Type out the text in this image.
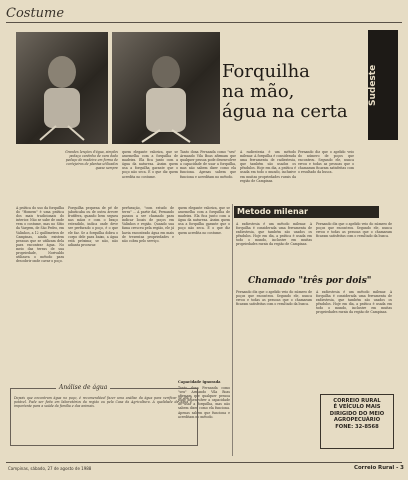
Costume
Sudeste
Forquilha
na mão,
água na certa
Grandes lenções d'água, simples pedaço cantinho de vara dado pedaço de madeira em forma de cortejeiros de plantas utilizados quase sempre
quem elegante valoriza, que se assemelha com a forquilha de madeira. Ela fica junto com a água da natureza. Assim quem usa a forquilha garante que o poço não seca. É o que diz quem acredita no costume.
Tanto dona Fernanda como "seu" Armando Vila Boas afirmam que qualquer pessoa pode desenvolver a capacidade de usar a forquilha, mas não sabem dizer como ela funciona. Apenas sabem que funciona e acreditam no método.
A radiestesia é um método milenar. A forquilha é considerada uma ferramenta de radiestesia, que também são usados os pêndulos. Hoje em dia, a prática é usada em todo o mundo, inclusive em muitas propriedades rurais da região de Campinas.
Fernando diz que o apelido veio do número de poços que encontrou. Segundo ele, nunca errou e todas as pessoas que o chamaram ficaram satisfeitas com o resultado da busca.
A prática do uso da forquilha do "Homem" é uma prática dos mais tradicionais do interior. Não se sabe de onde vem o costume, mas no Sítio da Vargem, de São Pedro, em Valinhos, a 12 quilômetros de Campinas, ainda existem pessoas que se utilizam dela para encontrar água. No meio das terras de sua propriedade, Norivaldo utilizava o método para descobrir onde cavar o poço.
Forquilha pequena de pé de jabuticaba ou de outra árvore frutífera, quando bem segura nas mãos e com o braço estendido, indica onde deve ser perfurado o poço, é o que ele faz. Se a forquilha dobra o corpo dele para baixo, a água está próxima; se não, não adianta procurar.
perfuração, "com estudo de terra" ... A partir daí, Fernando passou a ser chamado para indicar locais de poços em Valinhos e região. Quando sua fama cresceu pela região, ele já havia encontrado água em mais de trezentas propriedades e não cobra pelo serviço.
quem elegante valoriza, que se assemelha com a forquilha de madeira. Ela fica junto com a água da natureza. Assim quem usa a forquilha garante que o poço não seca. É o que diz quem acredita no costume.
Metodo milenar
A radiestesia é um método milenar. A forquilha é considerada uma ferramenta de radiestesia, que também são usados os pêndulos. Hoje em dia, a prática é usada em todo o mundo, inclusive em muitas propriedades rurais da região de Campinas.
Fernando diz que o apelido veio do número de poços que encontrou. Segundo ele, nunca errou e todas as pessoas que o chamaram ficaram satisfeitas com o resultado da busca.
Chamado "três por dois"
Fernando diz que o apelido veio do número de poços que encontrou. Segundo ele, nunca errou e todas as pessoas que o chamaram ficaram satisfeitas com o resultado da busca.
A radiestesia é um método milenar. A forquilha é considerada uma ferramenta de radiestesia, que também são usados os pêndulos. Hoje em dia, a prática é usada em todo o mundo, inclusive em muitas propriedades rurais da região de Campinas.
Capacidade ignorada
Tanto dona Fernanda como "seu" Armando Vila Boas afirmam que qualquer pessoa pode desenvolver a capacidade de usar a forquilha, mas não sabem dizer como ela funciona. Apenas sabem que funciona e acreditam no método.
Análise de água
Depois que encontram água no poço, é recomendável fazer uma análise da água para verificar se ela é potável. Pode ser feita em laboratórios da região ou pela Casa da Agricultura. A qualidade da água é importante para a saúde da família e dos animais.
CORREIO RURAL
É VEÍCULO MAIS
DIRIGIDO DO MEIO
AGROPECUÁRIO
FONE: 32-8568
Campinas, sábado, 27 de agosto de 1988	Correio Rural - 3
